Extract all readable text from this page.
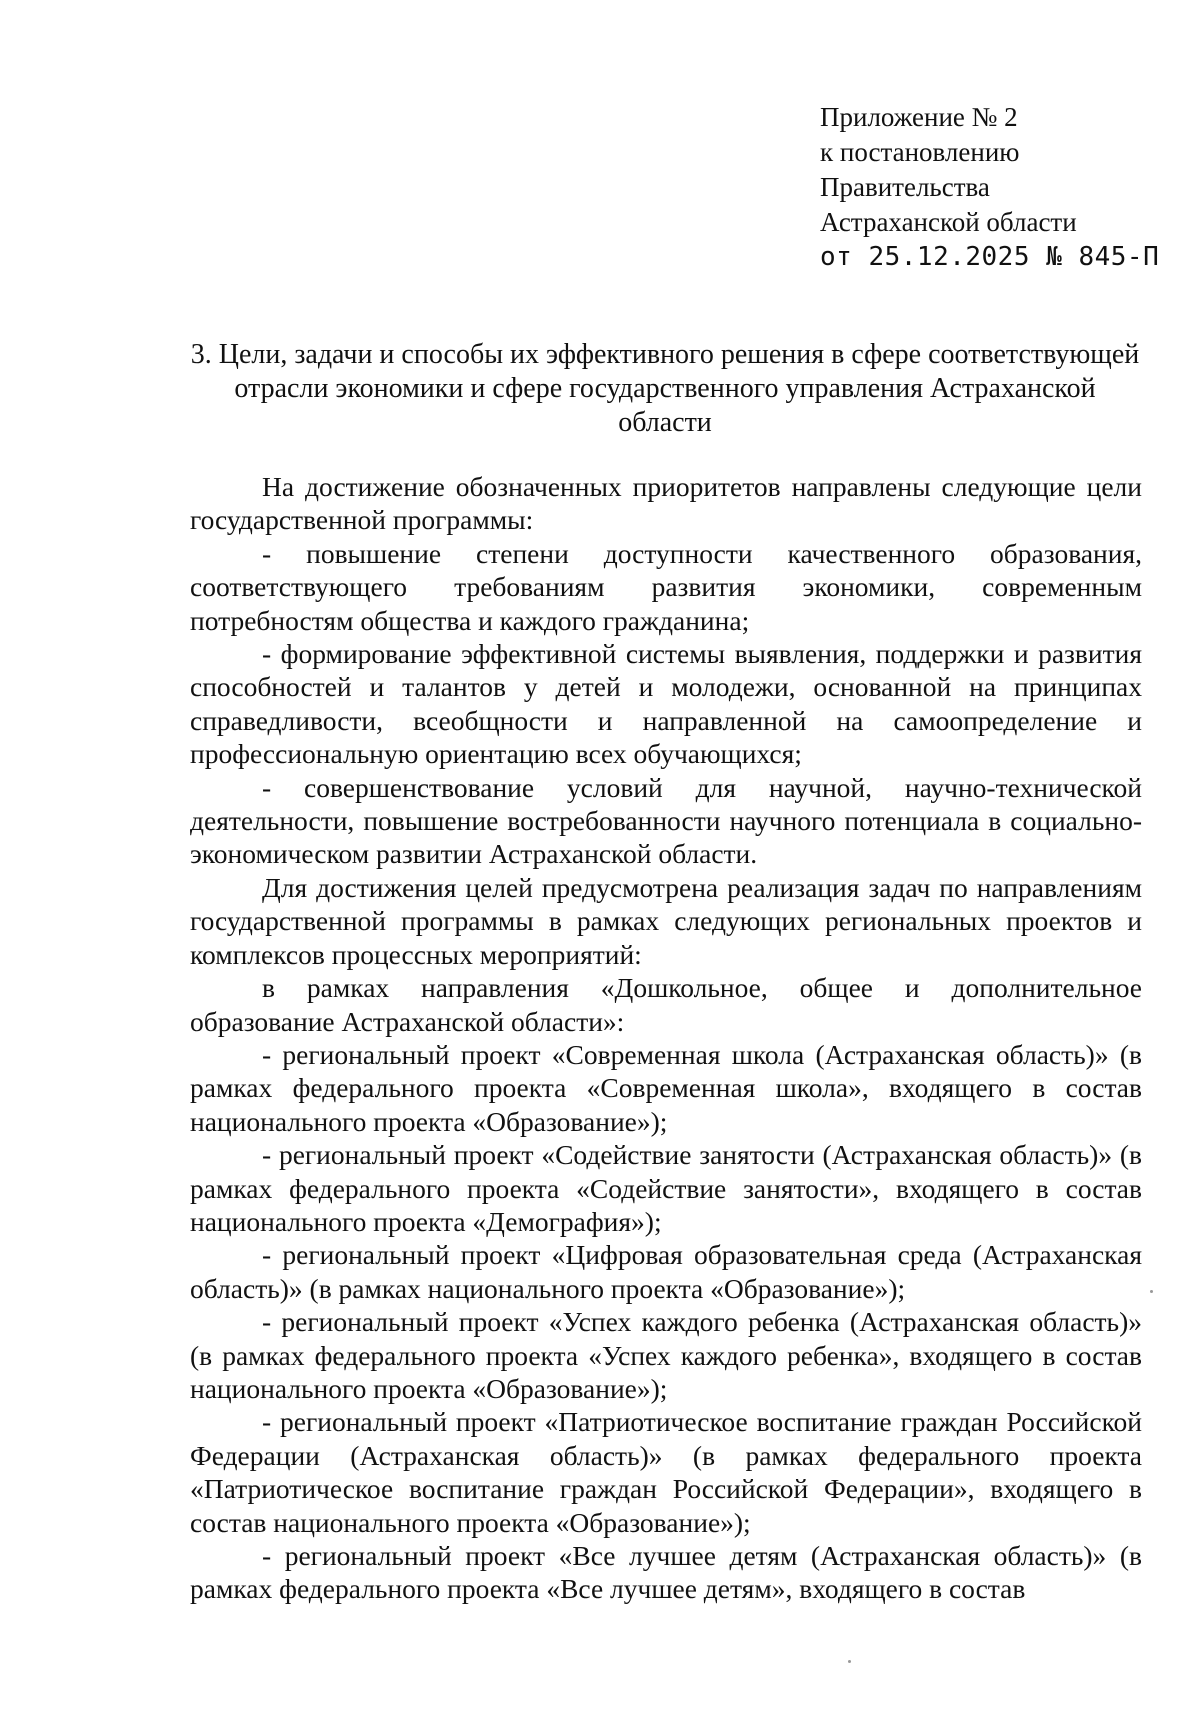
Приложение № 2
к постановлению
Правительства
Астраханской области
от 25.12.2025 № 845-П
3. Цели, задачи и способы их эффективного решения в сфере соответствующей отрасли экономики и сфере государственного управления Астраханской области

На достижение обозначенных приоритетов направлены следующие цели государственной программы:

- повышение степени доступности качественного образования, соответствующего требованиям развития экономики, современным потребностям общества и каждого гражданина;

- формирование эффективной системы выявления, поддержки и развития способностей и талантов у детей и молодежи, основанной на принципах справедливости, всеобщности и направленной на самоопределение и профессиональную ориентацию всех обучающихся;

- совершенствование условий для научной, научно-технической деятельности, повышение востребованности научного потенциала в социально-экономическом развитии Астраханской области.

Для достижения целей предусмотрена реализация задач по направлениям государственной программы в рамках следующих региональных проектов и комплексов процессных мероприятий:

в рамках направления «Дошкольное, общее и дополнительное образование Астраханской области»:

- региональный проект «Современная школа (Астраханская область)» (в рамках федерального проекта «Современная школа», входящего в состав национального проекта «Образование»);

- региональный проект «Содействие занятости (Астраханская область)» (в рамках федерального проекта «Содействие занятости», входящего в состав национального проекта «Демография»);

- региональный проект «Цифровая образовательная среда (Астраханская область)» (в рамках национального проекта «Образование»);

- региональный проект «Успех каждого ребенка (Астраханская область)» (в рамках федерального проекта «Успех каждого ребенка», входящего в состав национального проекта «Образование»);

- региональный проект «Патриотическое воспитание граждан Российской Федерации (Астраханская область)» (в рамках федерального проекта «Патриотическое воспитание граждан Российской Федерации», входящего в состав национального проекта «Образование»);

- региональный проект «Все лучшее детям (Астраханская область)» (в рамках федерального проекта «Все лучшее детям», входящего в состав
